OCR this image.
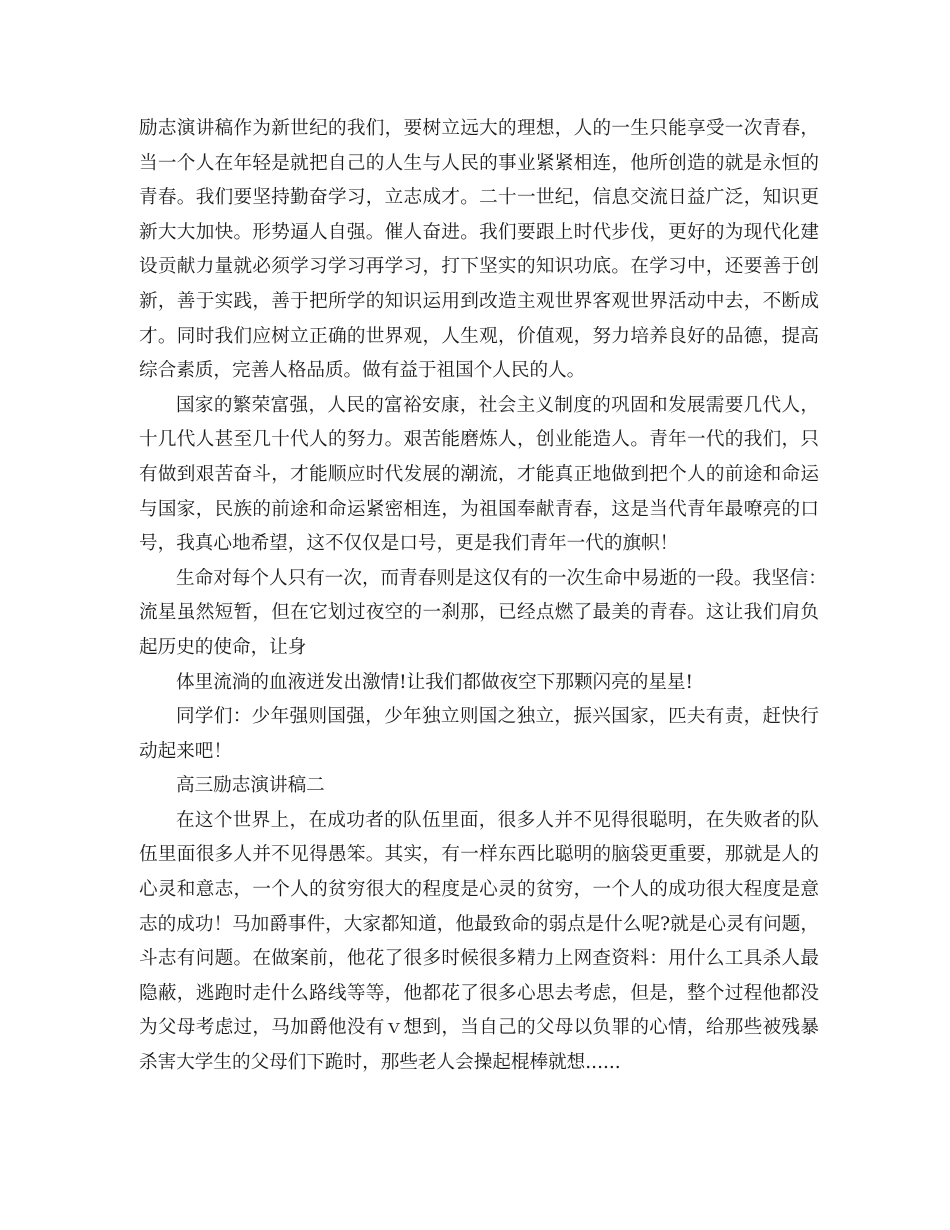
励志演讲稿作为新世纪的我们，要树立远大的理想，人的一生只能享受一次青春，
当一个人在年轻是就把自己的人生与人民的事业紧紧相连，他所创造的就是永恒的
青春。我们要坚持勤奋学习，立志成才。二十一世纪，信息交流日益广泛，知识更
新大大加快。形势逼人自强。催人奋进。我们要跟上时代步伐，更好的为现代化建
设贡献力量就必须学习学习再学习，打下坚实的知识功底。在学习中，还要善于创
新，善于实践，善于把所学的知识运用到改造主观世界客观世界活动中去，不断成
才。同时我们应树立正确的世界观，人生观，价值观，努力培养良好的品德，提高
综合素质，完善人格品质。做有益于祖国个人民的人。
国家的繁荣富强，人民的富裕安康，社会主义制度的巩固和发展需要几代人，
十几代人甚至几十代人的努力。艰苦能磨炼人，创业能造人。青年一代的我们，只
有做到艰苦奋斗，才能顺应时代发展的潮流，才能真正地做到把个人的前途和命运
与国家，民族的前途和命运紧密相连，为祖国奉献青春，这是当代青年最嘹亮的口
号，我真心地希望，这不仅仅是口号，更是我们青年一代的旗帜！
生命对每个人只有一次，而青春则是这仅有的一次生命中易逝的一段。我坚信：
流星虽然短暂，但在它划过夜空的一刹那，已经点燃了最美的青春。这让我们肩负
起历史的使命，让身
体里流淌的血液迸发出激情!让我们都做夜空下那颗闪亮的星星!
同学们：少年强则国强，少年独立则国之独立，振兴国家，匹夫有责，赶快行
动起来吧！
高三励志演讲稿二
在这个世界上，在成功者的队伍里面，很多人并不见得很聪明，在失败者的队
伍里面很多人并不见得愚笨。其实，有一样东西比聪明的脑袋更重要，那就是人的
心灵和意志，一个人的贫穷很大的程度是心灵的贫穷，一个人的成功很大程度是意
志的成功！马加爵事件，大家都知道，他最致命的弱点是什么呢?就是心灵有问题，
斗志有问题。在做案前，他花了很多时候很多精力上网查资料：用什么工具杀人最
隐蔽，逃跑时走什么路线等等，他都花了很多心思去考虑，但是，整个过程他都没
为父母考虑过，马加爵他没有ｖ想到，当自己的父母以负罪的心情，给那些被残暴
杀害大学生的父母们下跪时，那些老人会操起棍棒就想......
